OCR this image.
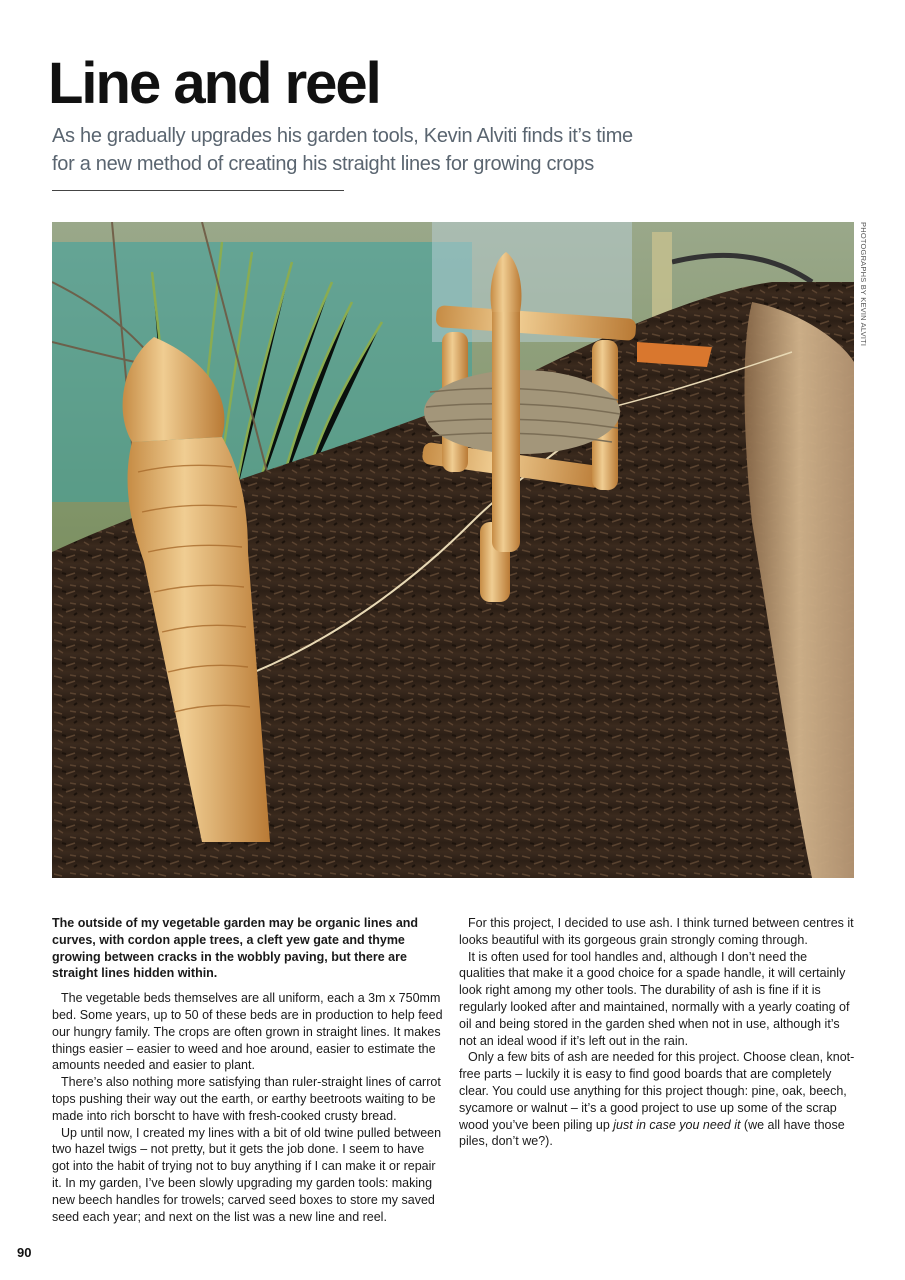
Line and reel

As he gradually upgrades his garden tools, Kevin Alviti finds it’s time for a new method of creating his straight lines for growing crops

PHOTOGRAPHS BY KEVIN ALVITI

The outside of my vegetable garden may be organic lines and curves, with cordon apple trees, a cleft yew gate and thyme growing between cracks in the wobbly paving, but there are straight lines hidden within.

The vegetable beds themselves are all uniform, each a 3m x 750mm bed. Some years, up to 50 of these beds are in production to help feed our hungry family. The crops are often grown in straight lines. It makes things easier – easier to weed and hoe around, easier to estimate the amounts needed and easier to plant.

There’s also nothing more satisfying than ruler-straight lines of carrot tops pushing their way out the earth, or earthy beetroots waiting to be made into rich borscht to have with fresh-cooked crusty bread.

Up until now, I created my lines with a bit of old twine pulled between two hazel twigs – not pretty, but it gets the job done. I seem to have got into the habit of trying not to buy anything if I can make it or repair it. In my garden, I’ve been slowly upgrading my garden tools: making new beech handles for trowels; carved seed boxes to store my saved seed each year; and next on the list was a new line and reel.

For this project, I decided to use ash. I think turned between centres it looks beautiful with its gorgeous grain strongly coming through.

It is often used for tool handles and, although I don’t need the qualities that make it a good choice for a spade handle, it will certainly look right among my other tools. The durability of ash is fine if it is regularly looked after and maintained, normally with a yearly coating of oil and being stored in the garden shed when not in use, although it’s not an ideal wood if it’s left out in the rain.

Only a few bits of ash are needed for this project. Choose clean, knot-free parts – luckily it is easy to find good boards that are completely clear. You could use anything for this project though: pine, oak, beech, sycamore or walnut – it’s a good project to use up some of the scrap wood you’ve been piling up just in case you need it (we all have those piles, don’t we?).

90
